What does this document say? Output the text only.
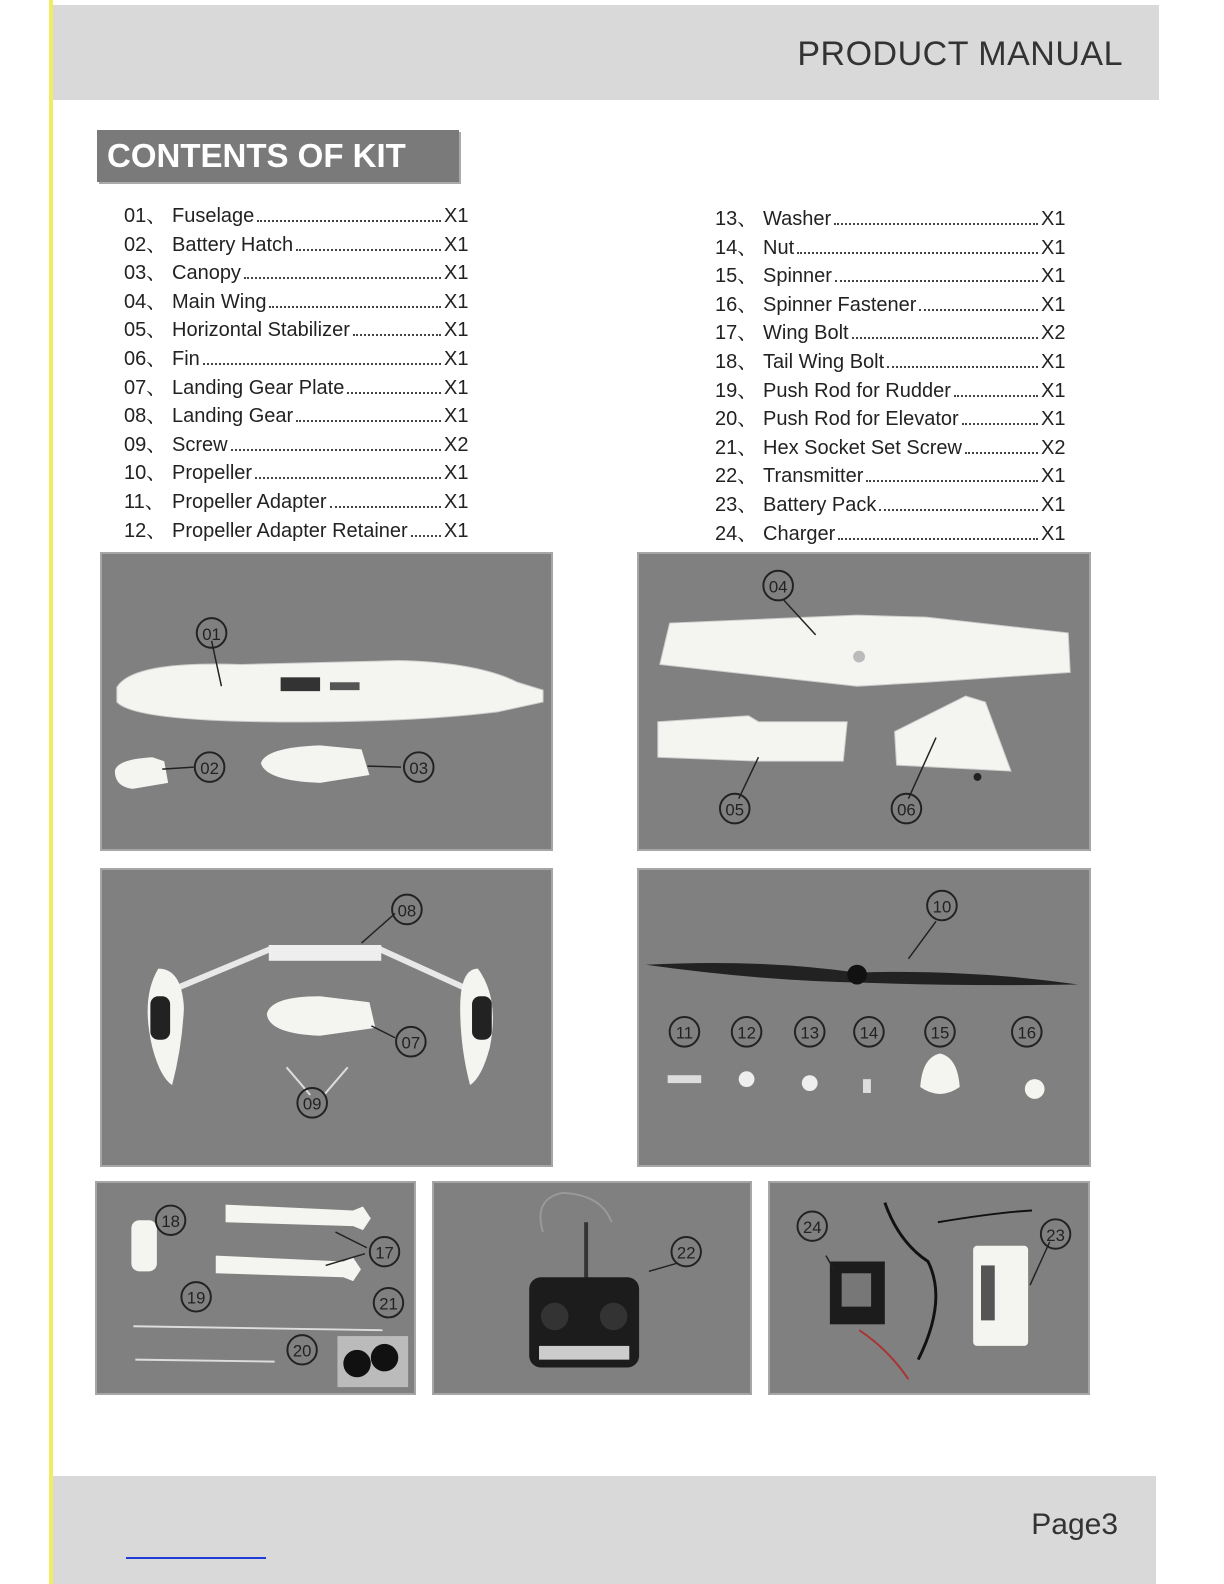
PRODUCT MANUAL
CONTENTS OF KIT
01、 Fuselage	X1
02、 Battery Hatch	X1
03、 Canopy	X1
04、 Main Wing	X1
05、 Horizontal Stabilizer	X1
06、 Fin	X1
07、 Landing Gear Plate	X1
08、 Landing Gear	X1
09、 Screw	X2
10、 Propeller	X1
11、 Propeller Adapter	X1
12、 Propeller Adapter Retainer X1
13、 Washer	X1
14、 Nut	X1
15、 Spinner	X1
16、 Spinner Fastener	X1
17、 Wing Bolt	X2
18、 Tail Wing Bolt	X1
19、 Push Rod for Rudder	X1
20、 Push Rod for Elevator	X1
21、 Hex Socket Set Screw	X2
22、 Transmitter	X1
23、 Battery Pack	X1
24、 Charger	X1
01
02	03
04
05	06
08
07
09
10
11	12	13 14	15	16
18
17
19	21
20
22
24	23
Page3
